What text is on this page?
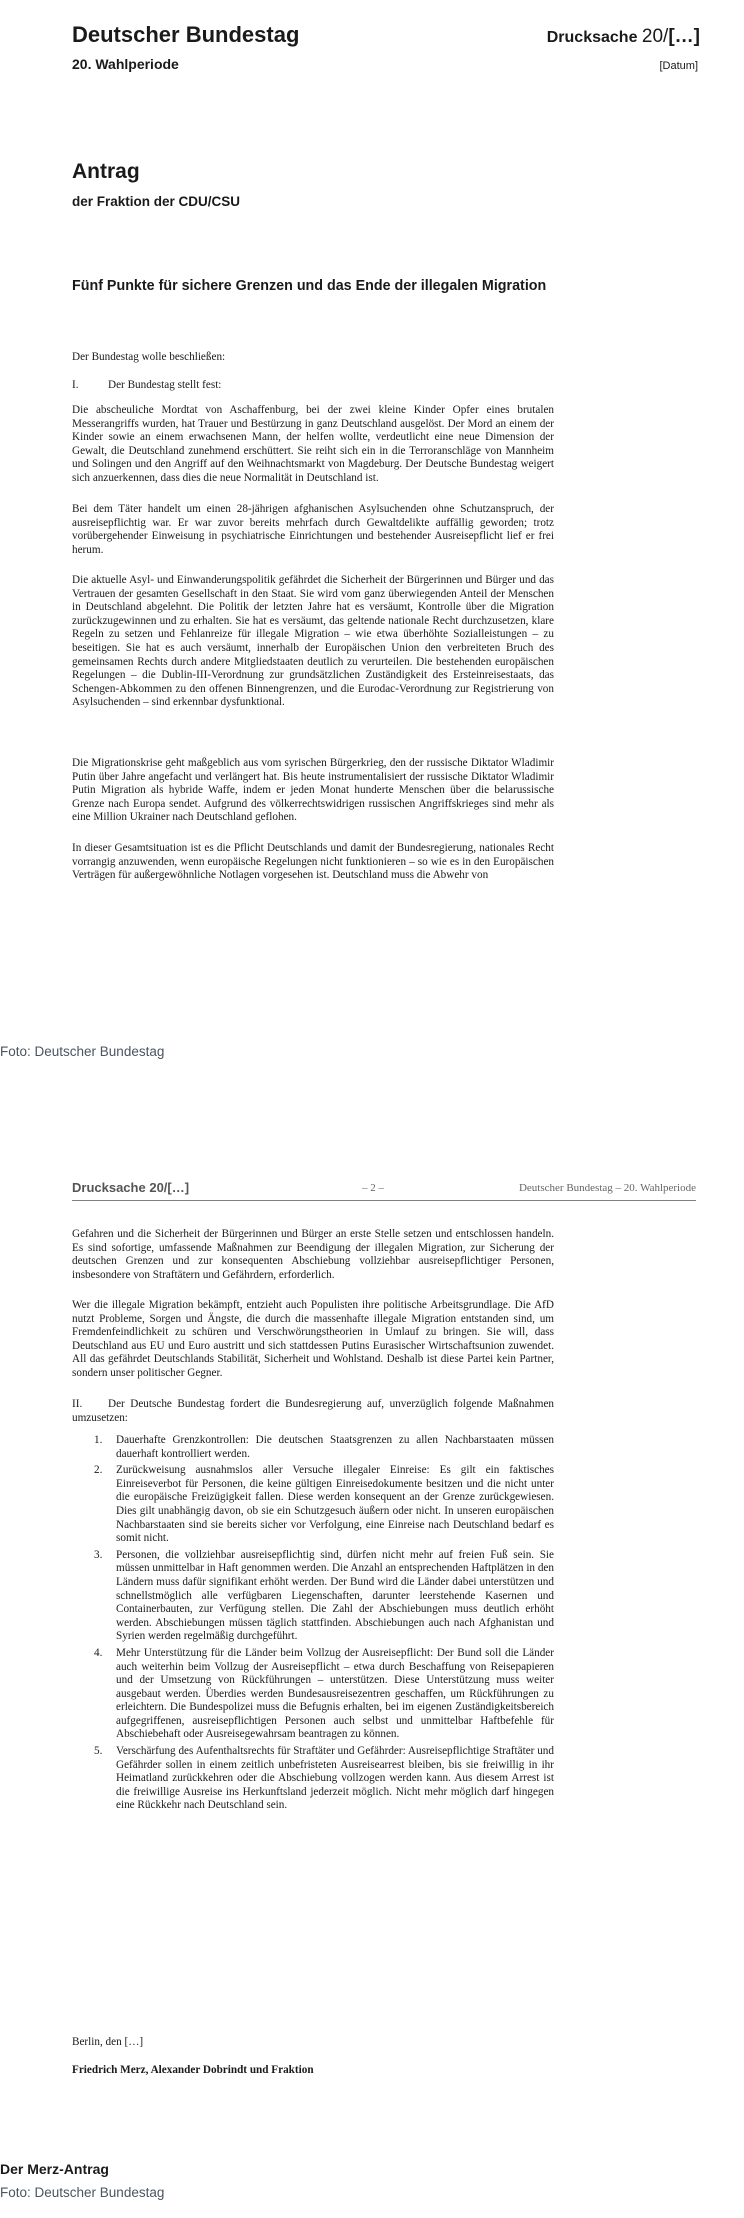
Deutscher Bundestag
20. Wahlperiode
Drucksache 20/[…]
[Datum]
Antrag
der Fraktion der CDU/CSU
Fünf Punkte für sichere Grenzen und das Ende der illegalen Migration

Der Bundestag wolle beschließen:

I.	Der Bundestag stellt fest:

Die abscheuliche Mordtat von Aschaffenburg, bei der zwei kleine Kinder Opfer eines brutalen Messerangriffs wurden, hat Trauer und Bestürzung in ganz Deutschland ausgelöst. Der Mord an einem der Kinder sowie an einem erwachsenen Mann, der helfen wollte, verdeutlicht eine neue Dimension der Gewalt, die Deutschland zunehmend erschüttert. Sie reiht sich ein in die Terroranschläge von Mannheim und Solingen und den Angriff auf den Weihnachtsmarkt von Magdeburg. Der Deutsche Bundestag weigert sich anzuerkennen, dass dies die neue Normalität in Deutschland ist.

Bei dem Täter handelt um einen 28-jährigen afghanischen Asylsuchenden ohne Schutzanspruch, der ausreisepflichtig war. Er war zuvor bereits mehrfach durch Gewaltdelikte auffällig geworden; trotz vorübergehender Einweisung in psychiatrische Einrichtungen und bestehender Ausreisepflicht lief er frei herum.

Die aktuelle Asyl- und Einwanderungspolitik gefährdet die Sicherheit der Bürgerinnen und Bürger und das Vertrauen der gesamten Gesellschaft in den Staat. Sie wird vom ganz überwiegenden Anteil der Menschen in Deutschland abgelehnt. Die Politik der letzten Jahre hat es versäumt, Kontrolle über die Migration zurückzugewinnen und zu erhalten. Sie hat es versäumt, das geltende nationale Recht durchzusetzen, klare Regeln zu setzen und Fehlanreize für illegale Migration – wie etwa überhöhte Sozialleistungen – zu beseitigen. Sie hat es auch versäumt, innerhalb der Europäischen Union den verbreiteten Bruch des gemeinsamen Rechts durch andere Mitgliedstaaten deutlich zu verurteilen. Die bestehenden europäischen Regelungen – die Dublin-III-Verordnung zur grundsätzlichen Zuständigkeit des Ersteinreisestaats, das Schengen-Abkommen zu den offenen Binnengrenzen, und die Eurodac-Verordnung zur Registrierung von Asylsuchenden – sind erkennbar dysfunktional.

Die Migrationskrise geht maßgeblich aus vom syrischen Bürgerkrieg, den der russische Diktator Wladimir Putin über Jahre angefacht und verlängert hat. Bis heute instrumentalisiert der russische Diktator Wladimir Putin Migration als hybride Waffe, indem er jeden Monat hunderte Menschen über die belarussische Grenze nach Europa sendet. Aufgrund des völkerrechtswidrigen russischen Angriffskrieges sind mehr als eine Million Ukrainer nach Deutschland geflohen.

In dieser Gesamtsituation ist es die Pflicht Deutschlands und damit der Bundesregierung, nationales Recht vorrangig anzuwenden, wenn europäische Regelungen nicht funktionieren – so wie es in den Europäischen Verträgen für außergewöhnliche Notlagen vorgesehen ist. Deutschland muss die Abwehr von

Foto: Deutscher Bundestag
Drucksache 20/[…]	– 2 –	Deutscher Bundestag – 20. Wahlperiode

Gefahren und die Sicherheit der Bürgerinnen und Bürger an erste Stelle setzen und entschlossen handeln. Es sind sofortige, umfassende Maßnahmen zur Beendigung der illegalen Migration, zur Sicherung der deutschen Grenzen und zur konsequenten Abschiebung vollziehbar ausreisepflichtiger Personen, insbesondere von Straftätern und Gefährdern, erforderlich.

Wer die illegale Migration bekämpft, entzieht auch Populisten ihre politische Arbeitsgrundlage. Die AfD nutzt Probleme, Sorgen und Ängste, die durch die massenhafte illegale Migration entstanden sind, um Fremdenfeindlichkeit zu schüren und Verschwörungstheorien in Umlauf zu bringen. Sie will, dass Deutschland aus EU und Euro austritt und sich stattdessen Putins Eurasischer Wirtschaftsunion zuwendet. All das gefährdet Deutschlands Stabilität, Sicherheit und Wohlstand. Deshalb ist diese Partei kein Partner, sondern unser politischer Gegner.

II. Der Deutsche Bundestag fordert die Bundesregierung auf, unverzüglich folgende Maßnahmen umzusetzen:
1. Dauerhafte Grenzkontrollen: Die deutschen Staatsgrenzen zu allen Nachbarstaaten müssen dauerhaft kontrolliert werden.
2. Zurückweisung ausnahmslos aller Versuche illegaler Einreise: Es gilt ein faktisches Einreiseverbot für Personen, die keine gültigen Einreisedokumente besitzen und die nicht unter die europäische Freizügigkeit fallen. Diese werden konsequent an der Grenze zurückgewiesen. Dies gilt unabhängig davon, ob sie ein Schutzgesuch äußern oder nicht. In unseren europäischen Nachbarstaaten sind sie bereits sicher vor Verfolgung, eine Einreise nach Deutschland bedarf es somit nicht.
3. Personen, die vollziehbar ausreisepflichtig sind, dürfen nicht mehr auf freien Fuß sein. Sie müssen unmittelbar in Haft genommen werden. Die Anzahl an entsprechenden Haftplätzen in den Ländern muss dafür signifikant erhöht werden. Der Bund wird die Länder dabei unterstützen und schnellstmöglich alle verfügbaren Liegenschaften, darunter leerstehende Kasernen und Containerbauten, zur Verfügung stellen. Die Zahl der Abschiebungen muss deutlich erhöht werden. Abschiebungen müssen täglich stattfinden. Abschiebungen auch nach Afghanistan und Syrien werden regelmäßig durchgeführt.
4. Mehr Unterstützung für die Länder beim Vollzug der Ausreisepflicht: Der Bund soll die Länder auch weiterhin beim Vollzug der Ausreisepflicht – etwa durch Beschaffung von Reisepapieren und der Umsetzung von Rückführungen – unterstützen. Diese Unterstützung muss weiter ausgebaut werden. Überdies werden Bundesausreisezentren geschaffen, um Rückführungen zu erleichtern. Die Bundespolizei muss die Befugnis erhalten, bei im eigenen Zuständigkeitsbereich aufgegriffenen, ausreisepflichtigen Personen auch selbst und unmittelbar Haftbefehle für Abschiebehaft oder Ausreisegewahrsam beantragen zu können.
5. Verschärfung des Aufenthaltsrechts für Straftäter und Gefährder: Ausreisepflichtige Straftäter und Gefährder sollen in einem zeitlich unbefristeten Ausreisearrest bleiben, bis sie freiwillig in ihr Heimatland zurückkehren oder die Abschiebung vollzogen werden kann. Aus diesem Arrest ist die freiwillige Ausreise ins Herkunftsland jederzeit möglich. Nicht mehr möglich darf hingegen eine Rückkehr nach Deutschland sein.
Berlin, den […]
Friedrich Merz, Alexander Dobrindt und Fraktion
Der Merz-Antrag
Foto: Deutscher Bundestag
